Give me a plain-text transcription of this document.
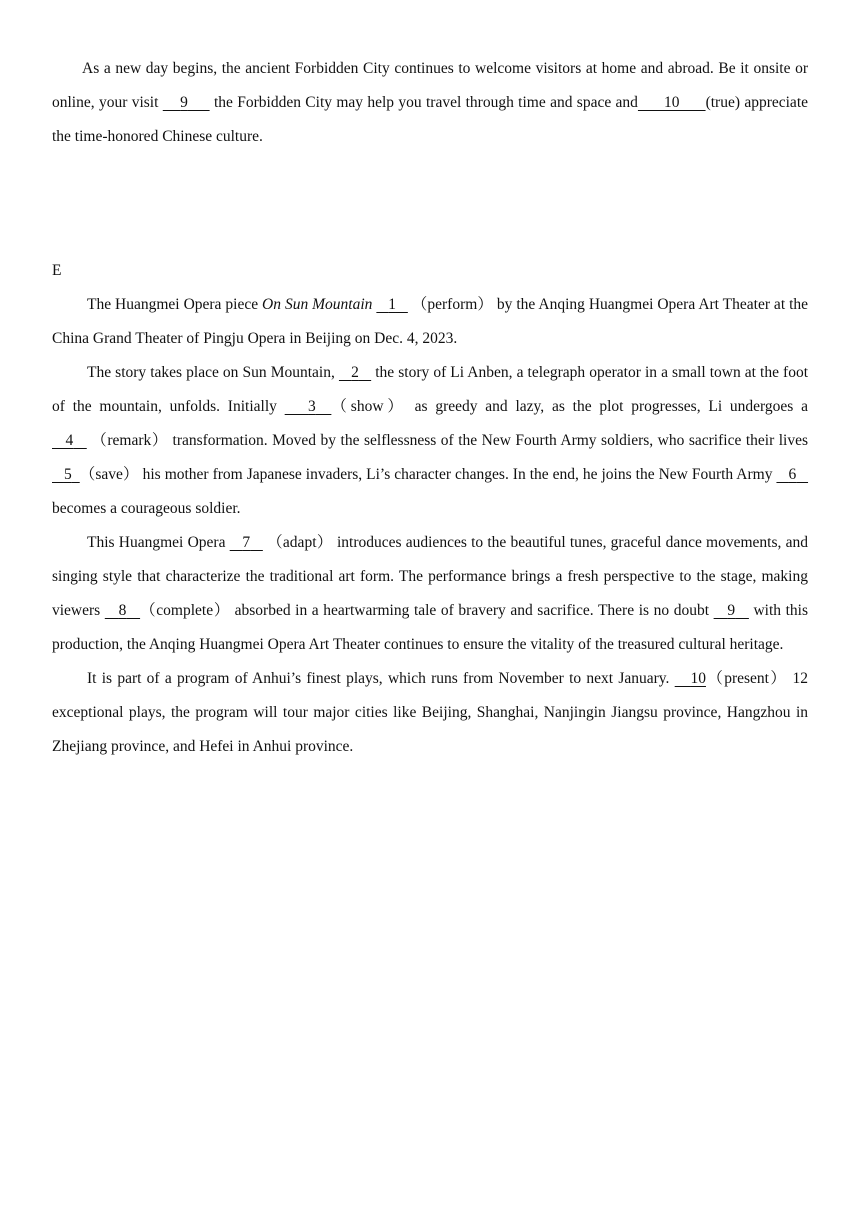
As a new day begins, the ancient Forbidden City continues to welcome visitors at home and abroad. Be it onsite or online, your visit     9      the Forbidden City may help you travel through time and space and 10 (true) appreciate the time-honored Chinese culture.

E

The Huangmei Opera piece On Sun Mountain 1    （perform） by the Anqing Huangmei Opera Art Theater at the China Grand Theater of Pingju Opera in Beijing on Dec. 4, 2023.

The story takes place on Sun Mountain,    2    the story of Li Anben, a telegraph operator in a small town at the foot of the mountain, unfolds. Initially    3 （show） as greedy and lazy, as the plot progresses, Li undergoes a    4    （remark） transformation. Moved by the selflessness of the New Fourth Army soldiers, who sacrifice their lives    5 （save） his mother from Japanese invaders, Li’s character changes. In the end, he joins the New Fourth Army    6    becomes a courageous soldier.

This Huangmei Opera    7    （adapt） introduces audiences to the beautiful tunes, graceful dance movements, and singing style that characterize the traditional art form. The performance brings a fresh perspective to the stage, making viewers    8 （complete） absorbed in a heartwarming tale of bravery and sacrifice. There is no doubt    9    with this production, the Anqing Huangmei Opera Art Theater continues to ensure the vitality of the treasured cultural heritage.

It is part of a program of Anhui’s finest plays, which runs from November to next January.    10（present） 12 exceptional plays, the program will tour major cities like Beijing, Shanghai, Nanjingin Jiangsu province, Hangzhou in Zhejiang province, and Hefei in Anhui province.
